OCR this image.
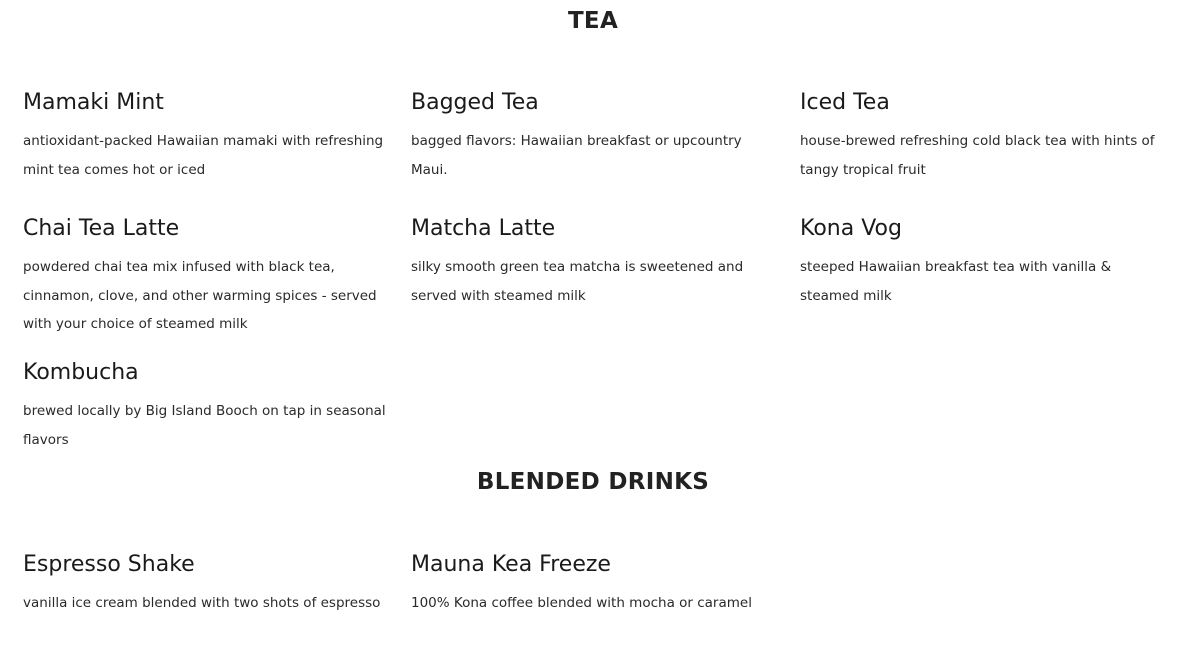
TEA
Mamaki Mint
antioxidant-packed Hawaiian mamaki with refreshing mint tea comes hot or iced
Bagged Tea
bagged flavors: Hawaiian breakfast or upcountry Maui.
Iced Tea
house-brewed refreshing cold black tea with hints of tangy tropical fruit
Chai Tea Latte
powdered chai tea mix infused with black tea, cinnamon, clove, and other warming spices - served with your choice of steamed milk
Matcha Latte
silky smooth green tea matcha is sweetened and served with steamed milk
Kona Vog
steeped Hawaiian breakfast tea with vanilla & steamed milk
Kombucha
brewed locally by Big Island Booch on tap in seasonal flavors
BLENDED DRINKS
Espresso Shake
vanilla ice cream blended with two shots of espresso
Mauna Kea Freeze
100% Kona coffee blended with mocha or caramel
